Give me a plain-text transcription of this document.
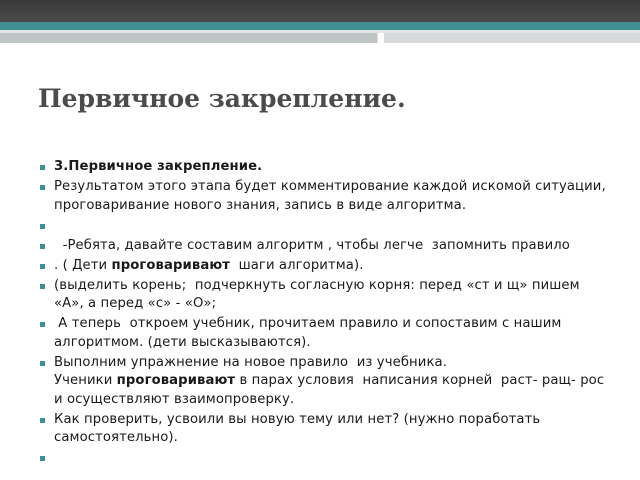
Первичное закрепление.
3.Первичное закрепление.
Результатом этого этапа будет комментирование каждой искомой ситуации, проговаривание нового знания, запись в виде алгоритма.
-Ребята, давайте составим алгоритм , чтобы легче  запомнить правило
. ( Дети проговаривают  шаги алгоритма).
(выделить корень;  подчеркнуть согласную корня: перед «ст и щ» пишем «А», а перед «с» - «О»;
А теперь  откроем учебник, прочитаем правило и сопоставим с нашим алгоритмом. (дети высказываются).
Выполним упражнение на новое правило  из учебника.
Ученики проговаривают в парах условия  написания корней  раст- ращ- рос и осуществляют взаимопроверку.
Как проверить, усвоили вы новую тему или нет? (нужно поработать самостоятельно).
